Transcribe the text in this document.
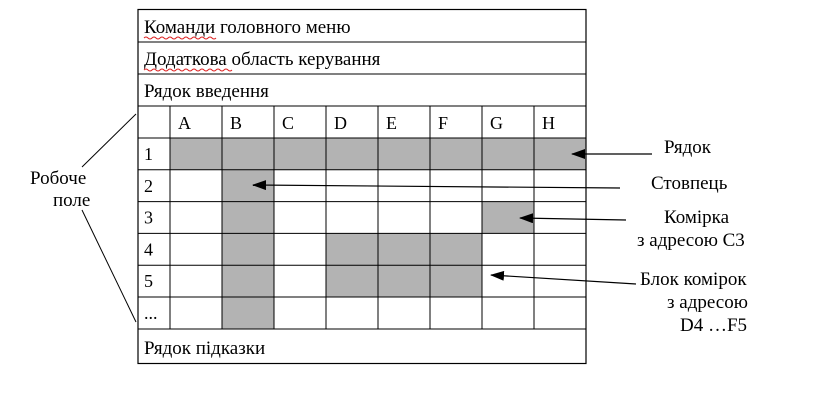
Команди головного меню
Додаткова область керування
Рядок введення
Рядок підказки
A B C D E F G H
1
2
3
4
5
...
Робоче
поле
Рядок
Стовпець
Комірка
з адресою С3
Блок комірок
з адресою
D4 …F5
